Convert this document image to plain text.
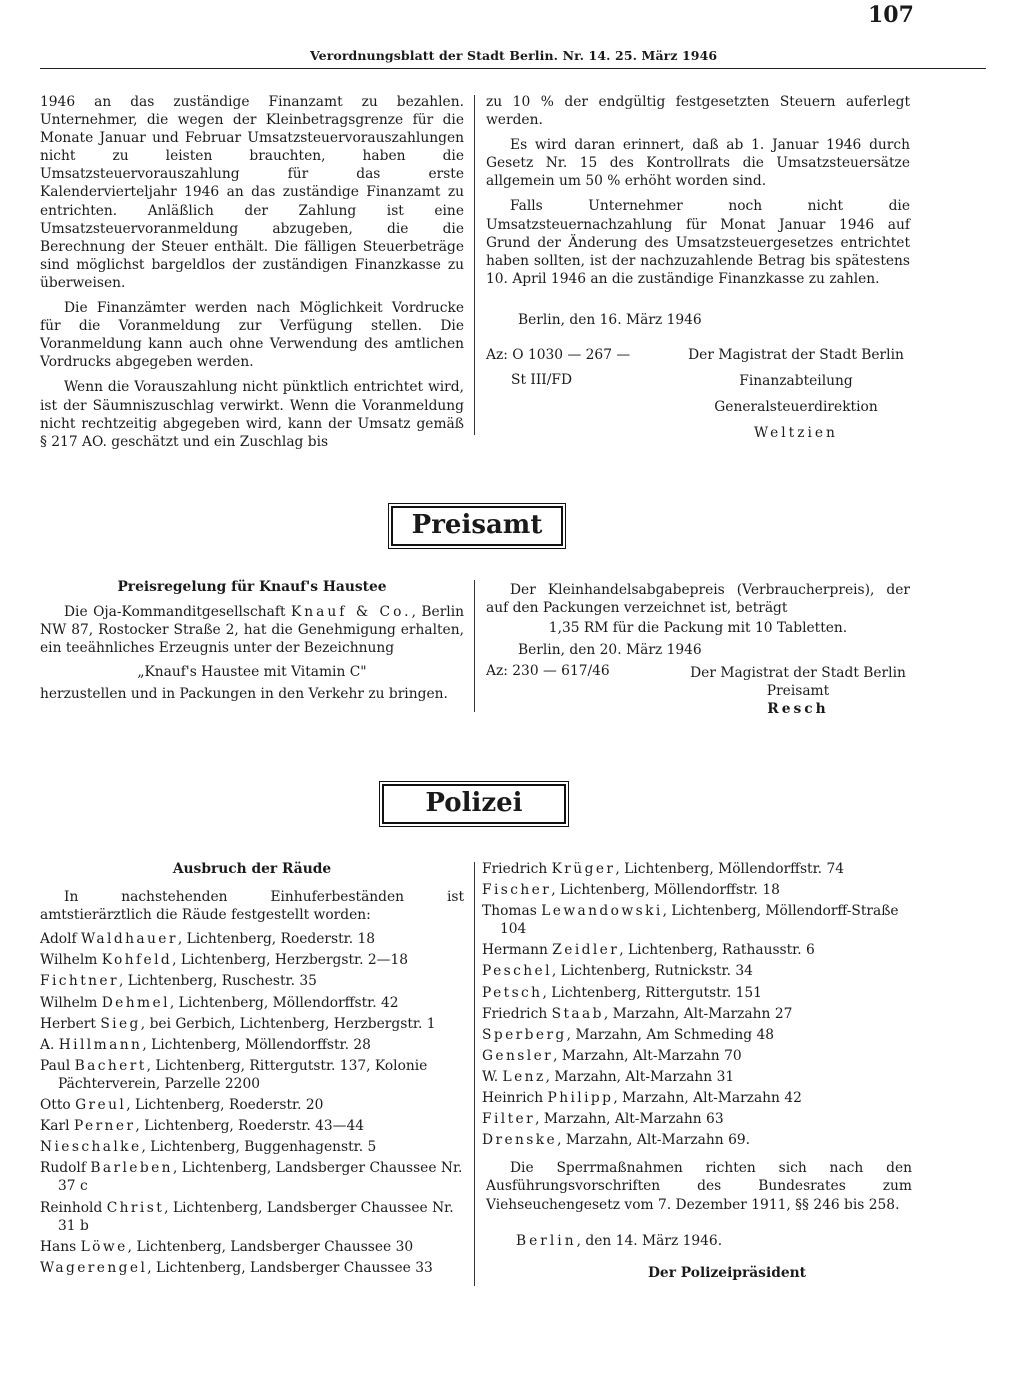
107
Verordnungsblatt der Stadt Berlin. Nr. 14. 25. März 1946

1946 an das zuständige Finanzamt zu bezahlen. Unternehmer, die wegen der Kleinbetragsgrenze für die Monate Januar und Februar Umsatzsteuervorauszahlungen nicht zu leisten brauchten, haben die Umsatzsteuervorauszahlung für das erste Kalendervierteljahr 1946 an das zuständige Finanzamt zu entrichten. Anläßlich der Zahlung ist eine Umsatzsteuervoranmeldung abzugeben, die die Berechnung der Steuer enthält. Die fälligen Steuerbeträge sind möglichst bargeldlos der zuständigen Finanzkasse zu überweisen.

Die Finanzämter werden nach Möglichkeit Vordrucke für die Voranmeldung zur Verfügung stellen. Die Voranmeldung kann auch ohne Verwendung des amtlichen Vordrucks abgegeben werden.

Wenn die Vorauszahlung nicht pünktlich entrichtet wird, ist der Säumniszuschlag verwirkt. Wenn die Voranmeldung nicht rechtzeitig abgegeben wird, kann der Umsatz gemäß § 217 AO. geschätzt und ein Zuschlag bis

zu 10 % der endgültig festgesetzten Steuern auferlegt werden.

Es wird daran erinnert, daß ab 1. Januar 1946 durch Gesetz Nr. 15 des Kontrollrats die Umsatzsteuersätze allgemein um 50 % erhöht worden sind.

Falls Unternehmer noch nicht die Umsatzsteuernachzahlung für Monat Januar 1946 auf Grund der Änderung des Umsatzsteuergesetzes entrichtet haben sollten, ist der nachzuzahlende Betrag bis spätestens 10. April 1946 an die zuständige Finanzkasse zu zahlen.

Berlin, den 16. März 1946
Az: O 1030 — 267 —
St III/FD
Der Magistrat der Stadt Berlin
Finanzabteilung
Generalsteuerdirektion
Weltzien
Preisamt
Preisregelung für Knauf's Haustee

Die Oja-Kommanditgesellschaft Knauf & Co., Berlin NW 87, Rostocker Straße 2, hat die Genehmigung erhalten, ein teeähnliches Erzeugnis unter der Bezeichnung

„Knauf's Haustee mit Vitamin C"
herzustellen und in Packungen in den Verkehr zu bringen.

Der Kleinhandelsabgabepreis (Verbraucherpreis), der auf den Packungen verzeichnet ist, beträgt

1,35 RM für die Packung mit 10 Tabletten.
Berlin, den 20. März 1946
Az: 230 — 617/46	Der Magistrat der Stadt Berlin
Preisamt
Resch
Polizei
Ausbruch der Räude

In nachstehenden Einhuferbeständen ist amtstierärztlich die Räude festgestellt worden:

Adolf Waldhauer, Lichtenberg, Roederstr. 18
Wilhelm Kohfeld, Lichtenberg, Herzbergstr. 2—18
Fichtner, Lichtenberg, Ruschestr. 35
Wilhelm Dehmel, Lichtenberg, Möllendorffstr. 42
Herbert Sieg, bei Gerbich, Lichtenberg, Herzbergstr. 1
A. Hillmann, Lichtenberg, Möllendorffstr. 28
Paul Bachert, Lichtenberg, Rittergutstr. 137, Kolonie Pächterverein, Parzelle 2200
Otto Greul, Lichtenberg, Roederstr. 20
Karl Perner, Lichtenberg, Roederstr. 43—44
Nieschalke, Lichtenberg, Buggenhagenstr. 5
Rudolf Barleben, Lichtenberg, Landsberger Chaussee Nr. 37 c
Reinhold Christ, Lichtenberg, Landsberger Chaussee Nr. 31 b
Hans Löwe, Lichtenberg, Landsberger Chaussee 30
Wagerengel, Lichtenberg, Landsberger Chaussee 33
Friedrich Krüger, Lichtenberg, Möllendorffstr. 74
Fischer, Lichtenberg, Möllendorffstr. 18
Thomas Lewandowski, Lichtenberg, Möllendorff-Straße 104
Hermann Zeidler, Lichtenberg, Rathausstr. 6
Peschel, Lichtenberg, Rutnickstr. 34
Petsch, Lichtenberg, Rittergutstr. 151
Friedrich Staab, Marzahn, Alt-Marzahn 27
Sperberg, Marzahn, Am Schmeding 48
Gensler, Marzahn, Alt-Marzahn 70
W. Lenz, Marzahn, Alt-Marzahn 31
Heinrich Philipp, Marzahn, Alt-Marzahn 42
Filter, Marzahn, Alt-Marzahn 63
Drenske, Marzahn, Alt-Marzahn 69.

Die Sperrmaßnahmen richten sich nach den Ausführungsvorschriften des Bundesrates zum Viehseuchengesetz vom 7. Dezember 1911, §§ 246 bis 258.

Berlin, den 14. März 1946.
Der Polizeipräsident
